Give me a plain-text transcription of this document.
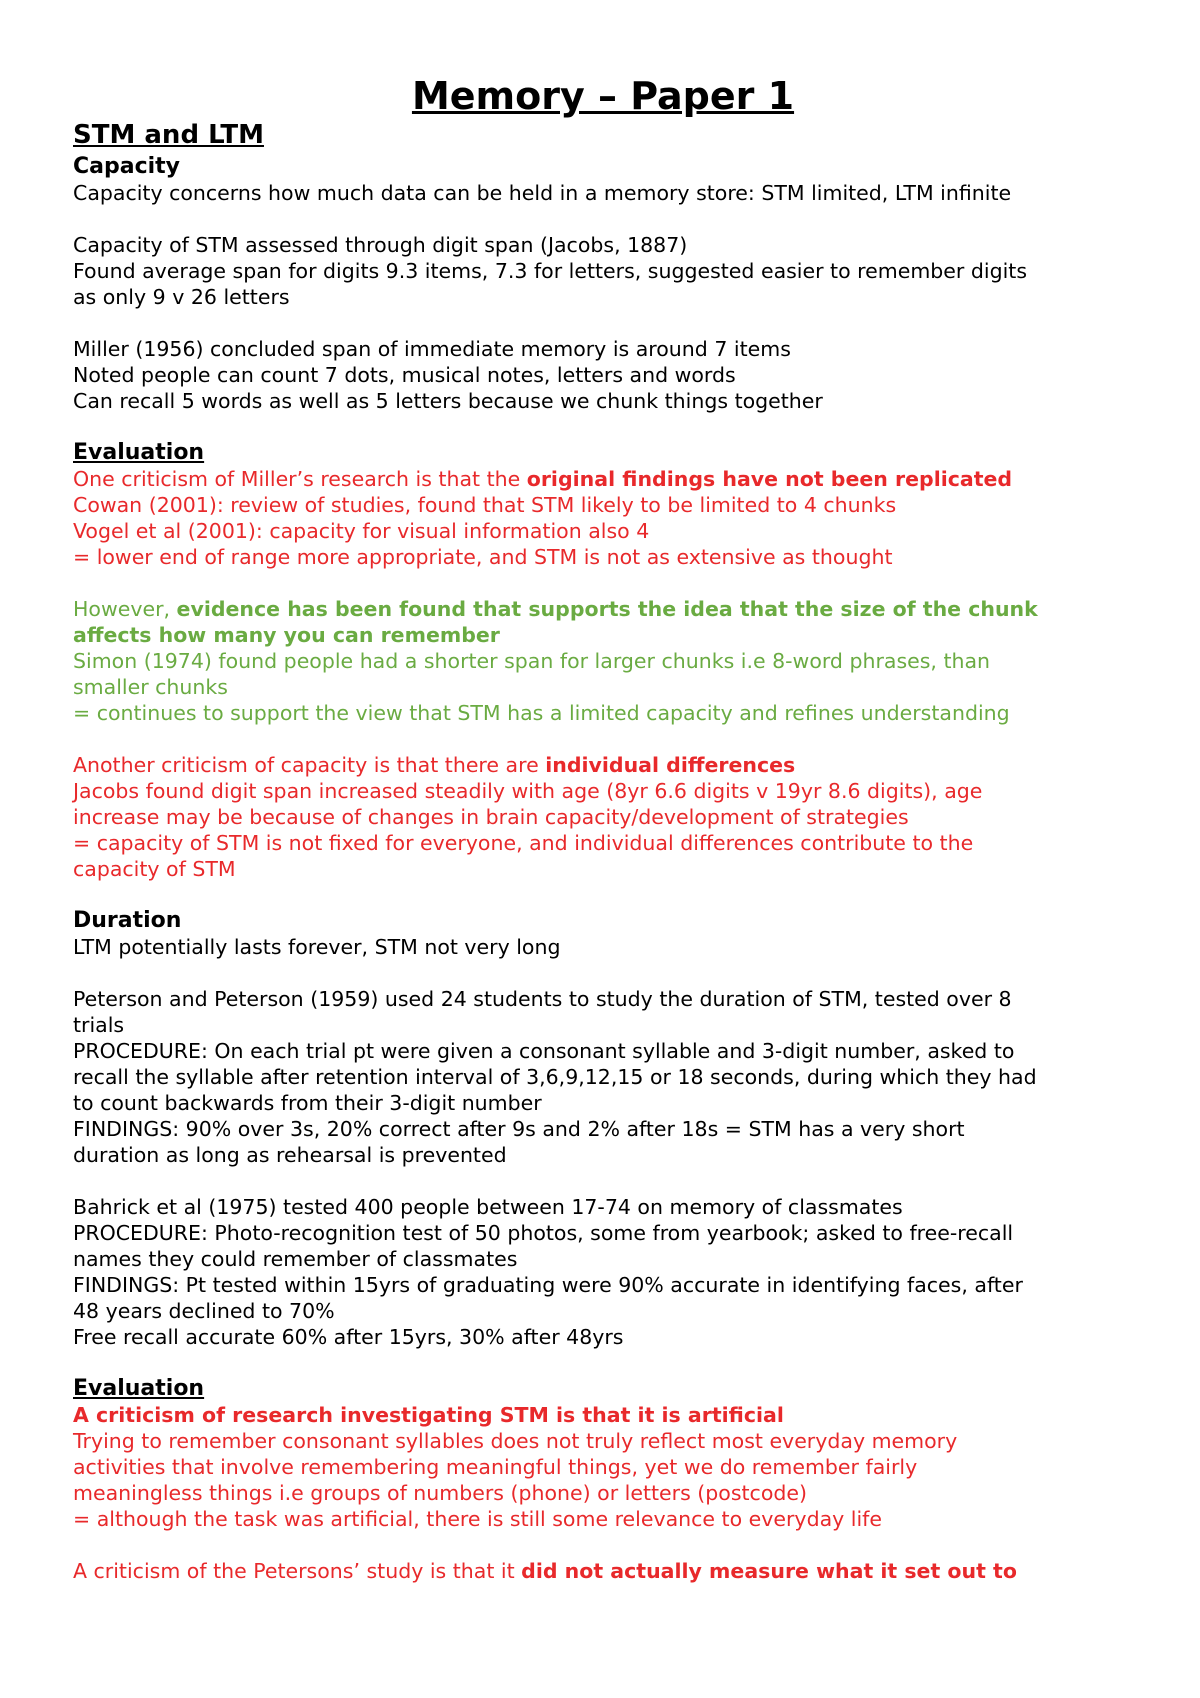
Memory – Paper 1
STM and LTM
Capacity
Capacity concerns how much data can be held in a memory store: STM limited, LTM infinite
Capacity of STM assessed through digit span (Jacobs, 1887)
Found average span for digits 9.3 items, 7.3 for letters, suggested easier to remember digits
as only 9 v 26 letters
Miller (1956) concluded span of immediate memory is around 7 items
Noted people can count 7 dots, musical notes, letters and words
Can recall 5 words as well as 5 letters because we chunk things together
Evaluation
One criticism of Miller’s research is that the original findings have not been replicated
Cowan (2001): review of studies, found that STM likely to be limited to 4 chunks
Vogel et al (2001): capacity for visual information also 4
= lower end of range more appropriate, and STM is not as extensive as thought
However, evidence has been found that supports the idea that the size of the chunk
affects how many you can remember
Simon (1974) found people had a shorter span for larger chunks i.e 8-word phrases, than
smaller chunks
= continues to support the view that STM has a limited capacity and refines understanding
Another criticism of capacity is that there are individual differences
Jacobs found digit span increased steadily with age (8yr 6.6 digits v 19yr 8.6 digits), age
increase may be because of changes in brain capacity/development of strategies
= capacity of STM is not fixed for everyone, and individual differences contribute to the
capacity of STM
Duration
LTM potentially lasts forever, STM not very long
Peterson and Peterson (1959) used 24 students to study the duration of STM, tested over 8
trials
PROCEDURE: On each trial pt were given a consonant syllable and 3-digit number, asked to
recall the syllable after retention interval of 3,6,9,12,15 or 18 seconds, during which they had
to count backwards from their 3-digit number
FINDINGS: 90% over 3s, 20% correct after 9s and 2% after 18s = STM has a very short
duration as long as rehearsal is prevented
Bahrick et al (1975) tested 400 people between 17-74 on memory of classmates
PROCEDURE: Photo-recognition test of 50 photos, some from yearbook; asked to free-recall
names they could remember of classmates
FINDINGS: Pt tested within 15yrs of graduating were 90% accurate in identifying faces, after
48 years declined to 70%
Free recall accurate 60% after 15yrs, 30% after 48yrs
Evaluation
A criticism of research investigating STM is that it is artificial
Trying to remember consonant syllables does not truly reflect most everyday memory
activities that involve remembering meaningful things, yet we do remember fairly
meaningless things i.e groups of numbers (phone) or letters (postcode)
= although the task was artificial, there is still some relevance to everyday life
A criticism of the Petersons’ study is that it did not actually measure what it set out to
